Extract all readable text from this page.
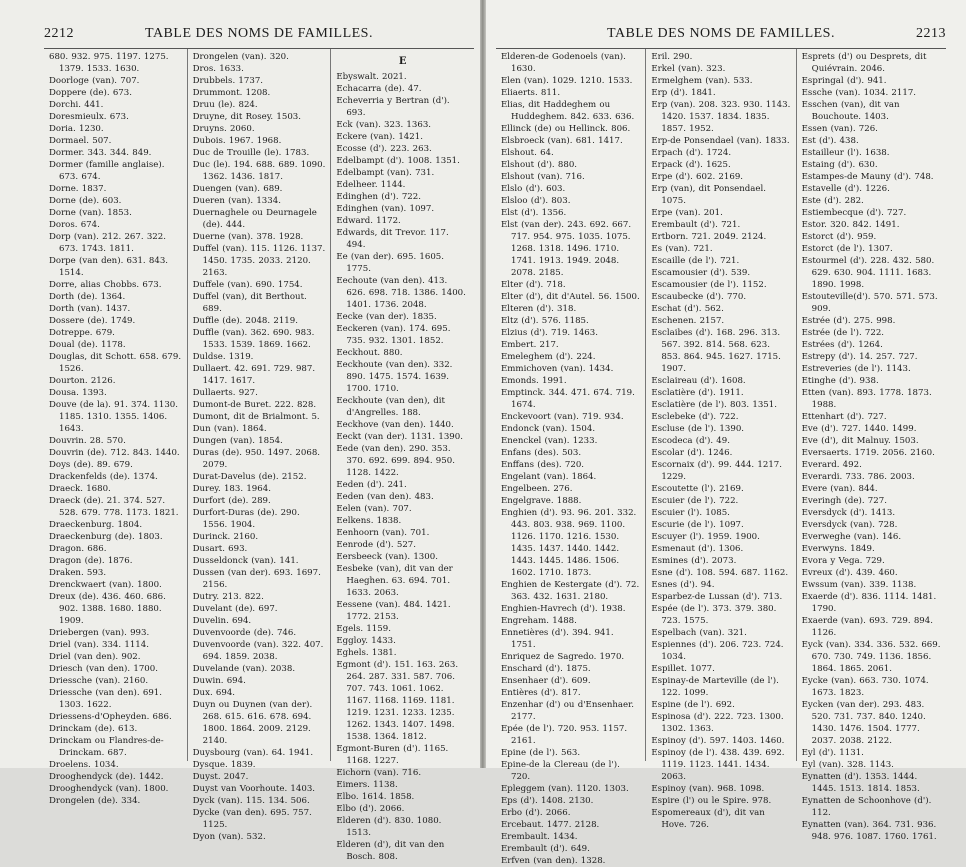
2212	TABLE DES NOMS DE FAMILLES.
680. 932. 975. 1197. 1275. 1379. 1533. 1630.
Doorloge (van). 707.
Doppere (de). 673.
Dorchi. 441.
Doresmieulx. 673.
Doria. 1230.
Dormael. 507.
Dormer. 343. 344. 849.
Dormer (famille anglaise). 673. 674.
Dorne. 1837.
Dorne (de). 603.
Dorne (van). 1853.
Doros. 674.
Dorp (van). 212. 267. 322. 673. 1743. 1811.
Dorpe (van den). 631. 843. 1514.
Dorre, alias Chobbs. 673.
Dorth (de). 1364.
Dorth (van). 1437.
Dossere (de). 1749.
Dotreppe. 679.
Doual (de). 1178.
Douglas, dit Schott. 658. 679. 1526.
Dourton. 2126.
Dousa. 1393.
Douve (de la). 91. 374. 1130. 1185. 1310. 1355. 1406. 1643.
Douvrin. 28. 570.
Douvrin (de). 712. 843. 1440.
Doys (de). 89. 679.
Drackenfelds (de). 1374.
Draeck. 1680.
Draeck (de). 21. 374. 527. 528. 679. 778. 1173. 1821.
Draeckenburg. 1804.
Draeckenburg (de). 1803.
Dragon. 686.
Dragon (de). 1876.
Draken. 593.
Drenckwaert (van). 1800.
Dreux (de). 436. 460. 686. 902. 1388. 1680. 1880. 1909.
Driebergen (van). 993.
Driel (van). 334. 1114.
Driel (van den). 902.
Driesch (van den). 1700.
Driessche (van). 2160.
Driessche (van den). 691. 1303. 1622.
Driessens-d'Opheyden. 686.
Drinckam (de). 613.
Drinckam ou Flandres-de-Drinckam. 687.
Droelens. 1034.
Drooghendyck (de). 1442.
Drooghendyck (van). 1800.
Drongelen (de). 334.
Drongelen (van). 320.
Dros. 1633.
Drubbels. 1737.
Drummont. 1208.
Druu (le). 824.
Druyne, dit Rosey. 1503.
Druyns. 2060.
Dubois. 1967. 1968.
Duc de Trouille (le). 1783.
Duc (le). 194. 688. 689. 1090. 1362. 1436. 1817.
Duengen (van). 689.
Dueren (van). 1334.
Duernaghele ou Deurnagele (de). 444.
Duerne (van). 378. 1928.
Duffel (van). 115. 1126. 1137. 1450. 1735. 2033. 2120. 2163.
Duffele (van). 690. 1754.
Duffel (van), dit Berthout. 689.
Duffle (de). 2048. 2119.
Duffle (van). 362. 690. 983. 1533. 1539. 1869. 1662.
Duldse. 1319.
Dullaert. 42. 691. 729. 987. 1417. 1617.
Dullaerts. 927.
Dumont-de Buret. 222. 828.
Dumont, dit de Brialmont. 5.
Dun (van). 1864.
Dungen (van). 1854.
Duras (de). 950. 1497. 2068. 2079.
Durat-Davelus (de). 2152.
Durey. 183. 1964.
Durfort (de). 289.
Durfort-Duras (de). 290. 1556. 1904.
Durinck. 2160.
Dusart. 693.
Dusseldonck (van). 141.
Dussen (van der). 693. 1697. 2156.
Dutry. 213. 822.
Duvelant (de). 697.
Duvelin. 694.
Duvenvoorde (de). 746.
Duvenvoorde (van). 322. 407. 694. 1859. 2038.
Duvelande (van). 2038.
Duwin. 694.
Dux. 694.
Duyn ou Duynen (van der). 268. 615. 616. 678. 694. 1800. 1864. 2009. 2129. 2140.
Duysbourg (van). 64. 1941.
Dysque. 1839.
Duyst. 2047.
Duyst van Voorhoute. 1403.
Dyck (van). 115. 134. 506.
Dycke (van den). 695. 757. 1125.
Dyon (van). 532.
E
Ebyswalt. 2021.
Echacarra (de). 47.
Echeverria y Bertran (d'). 693.
Eck (van). 323. 1363.
Eckere (van). 1421.
Ecosse (d'). 223. 263.
Edelbampt (d'). 1008. 1351.
Edelbampt (van). 731.
Edelheer. 1144.
Edinghen (d'). 722.
Edinghen (van). 1097.
Edward. 1172.
Edwards, dit Trevor. 117. 494.
Ee (van der). 695. 1605. 1775.
Eechoute (van den). 413. 626. 698. 718. 1386. 1400. 1401. 1736. 2048.
Eecke (van der). 1835.
Eeckeren (van). 174. 695. 735. 932. 1301. 1852.
Eeckhout. 880.
Eeckhoute (van den). 332. 890. 1475. 1574. 1639. 1700. 1710.
Eeckhoute (van den), dit d'Angrelles. 188.
Eeckhove (van den). 1440.
Eeckt (van der). 1131. 1390.
Eede (van den). 290. 353. 370. 692. 699. 894. 950. 1128. 1422.
Eeden (d'). 241.
Eeden (van den). 483.
Eelen (van). 707.
Eelkens. 1838.
Eenhoorn (van). 701.
Eenrode (d'). 527.
Eersbeeck (van). 1300.
Eesbeke (van), dit van der Haeghen. 63. 694. 701. 1633. 2063.
Eessene (van). 484. 1421. 1772. 2153.
Egels. 1159.
Eggloy. 1433.
Eghels. 1381.
Egmont (d'). 151. 163. 263. 264. 287. 331. 587. 706. 707. 743. 1061. 1062. 1167. 1168. 1169. 1181. 1219. 1231. 1233. 1235. 1262. 1343. 1407. 1498. 1538. 1364. 1812.
Egmont-Buren (d'). 1165. 1168. 1227.
Eichorn (van). 716.
Eimers. 1138.
Elbo. 1614. 1858.
Elbo (d'). 2066.
Elderen (d'). 830. 1080. 1513.
Elderen (d'), dit van den Bosch. 808.
TABLE DES NOMS DE FAMILLES.	2213
Elderen-de Godenoels (van). 1630.
Elen (van). 1029. 1210. 1533.
Eliaerts. 811.
Elias, dit Haddeghem ou Huddeghem. 842. 633. 636.
Ellinck (de) ou Hellinck. 806.
Elsbroeck (van). 681. 1417.
Elshout. 64.
Elshout (d'). 880.
Elshout (van). 716.
Elslo (d'). 603.
Elsloo (d'). 803.
Elst (d'). 1356.
Elst (van der). 243. 692. 667. 717. 954. 975. 1035. 1075. 1268. 1318. 1496. 1710. 1741. 1913. 1949. 2048. 2078. 2185.
Elter (d'). 718.
Elter (d'), dit d'Autel. 56. 1500.
Elteren (d'). 318.
Eltz (d'). 576. 1185.
Elzius (d'). 719. 1463.
Embert. 217.
Emeleghem (d'). 224.
Emmichoven (van). 1434.
Emonds. 1991.
Emptinck. 344. 471. 674. 719. 1674.
Enckevoort (van). 719. 934.
Endonck (van). 1504.
Enenckel (van). 1233.
Enfans (des). 503.
Enffans (des). 720.
Engelant (van). 1864.
Engelbeen. 276.
Engelgrave. 1888.
Enghien (d'). 93. 96. 201. 332. 443. 803. 938. 969. 1100. 1126. 1170. 1216. 1530. 1435. 1437. 1440. 1442. 1443. 1445. 1486. 1506. 1602. 1710. 1873.
Enghien de Kestergate (d'). 72. 363. 432. 1631. 2180.
Enghien-Havrech (d'). 1938.
Engreham. 1488.
Ennetières (d'). 394. 941. 1751.
Enriquez de Sagredo. 1970.
Enschard (d'). 1875.
Ensenhaer (d'). 609.
Entières (d'). 817.
Enzenhar (d') ou d'Ensenhaer. 2177.
Epée (de l'). 720. 953. 1157. 2161.
Epine (de l'). 563.
Epine-de la Clereau (de l'). 720.
Epleggem (van). 1120. 1303.
Eps (d'). 1408. 2130.
Erbo (d'). 2066.
Ercebaut. 1477. 2128.
Erembault. 1434.
Erembault (d'). 649.
Erfven (van den). 1328.
Eril. 290.
Erkel (van). 323.
Ermelghem (van). 533.
Erp (d'). 1841.
Erp (van). 208. 323. 930. 1143. 1420. 1537. 1834. 1835. 1857. 1952.
Erp-de Ponsendael (van). 1833.
Erpach (d'). 1724.
Erpack (d'). 1625.
Erpe (d'). 602. 2169.
Erp (van), dit Ponsendael. 1075.
Erpe (van). 201.
Erembault (d'). 721.
Ertborn. 721. 2049. 2124.
Es (van). 721.
Escaille (de l'). 721.
Escamousier (d'). 539.
Escamousier (de l'). 1152.
Escaubecke (d'). 770.
Eschat (d'). 562.
Eschenen. 2157.
Esclaibes (d'). 168. 296. 313. 567. 392. 814. 568. 623. 853. 864. 945. 1627. 1715. 1907.
Esclaireau (d'). 1608.
Esclatière (d'). 1911.
Esclatière (de l'). 803. 1351.
Esclebeke (d'). 722.
Escluse (de l'). 1390.
Escodeca (d'). 49.
Escolar (d'). 1246.
Escornaix (d'). 99. 444. 1217. 1229.
Escoutette (l'). 2169.
Escuier (de l'). 722.
Escuier (l'). 1085.
Escurie (de l'). 1097.
Escuyer (l'). 1959. 1900.
Esmenaut (d'). 1306.
Esmines (d'). 2073.
Esne (d'). 108. 594. 687. 1162.
Esnes (d'). 94.
Esparbez-de Lussan (d'). 713.
Espée (de l'). 373. 379. 380. 723. 1575.
Espelbach (van). 321.
Espiennes (d'). 206. 723. 724. 1034.
Espillet. 1077.
Espinay-de Marteville (de l'). 122. 1099.
Espine (de l'). 692.
Espinosa (d'). 222. 723. 1300. 1302. 1363.
Espinoy (d'). 597. 1403. 1460.
Espinoy (de l'). 438. 439. 692. 1119. 1123. 1441. 1434. 2063.
Espinoy (van). 968. 1098.
Espire (l') ou le Spire. 978.
Espomereaux (d'), dit van Hove. 726.
Esprets (d') ou Desprets, dit Quiévrain. 2046.
Espringal (d'). 941.
Essche (van). 1034. 2117.
Esschen (van), dit van Bouchoute. 1403.
Essen (van). 726.
Est (d'). 438.
Estailleur (l'). 1638.
Estaing (d'). 630.
Estampes-de Mauny (d'). 748.
Estavelle (d'). 1226.
Este (d'). 282.
Estiembecque (d'). 727.
Estor. 320. 842. 1491.
Estorct (d'). 959.
Estorct (de l'). 1307.
Estourmel (d'). 228. 432. 580. 629. 630. 904. 1111. 1683. 1890. 1998.
Estouteville(d'). 570. 571. 573. 909.
Estrée (d'). 275. 998.
Estrée (de l'). 722.
Estrées (d'). 1264.
Estrepy (d'). 14. 257. 727.
Estreveries (de l'). 1143.
Etinghe (d'). 938.
Etten (van). 893. 1778. 1873. 1988.
Ettenhart (d'). 727.
Eve (d'). 727. 1440. 1499.
Eve (d'), dit Malnuy. 1503.
Eversaerts. 1719. 2056. 2160.
Everard. 492.
Everardi. 733. 786. 2003.
Evere (van). 844.
Everingh (de). 727.
Eversdyck (d'). 1413.
Eversdyck (van). 728.
Everweghe (van). 146.
Everwyns. 1849.
Evora y Vega. 729.
Evreux (d'). 439. 460.
Ewssum (van). 339. 1138.
Exaerde (d'). 836. 1114. 1481. 1790.
Exaerde (van). 693. 729. 894. 1126.
Eyck (van). 334. 336. 532. 669. 670. 730. 749. 1136. 1856. 1864. 1865. 2061.
Eycke (van). 663. 730. 1074. 1673. 1823.
Eycken (van der). 293. 483. 520. 731. 737. 840. 1240. 1430. 1476. 1504. 1777. 2037. 2038. 2122.
Eyl (d'). 1131.
Eyl (van). 328. 1143.
Eynatten (d'). 1353. 1444. 1445. 1513. 1814. 1853.
Eynatten de Schoonhove (d'). 112.
Eynatten (van). 364. 731. 936. 948. 976. 1087. 1760. 1761.
